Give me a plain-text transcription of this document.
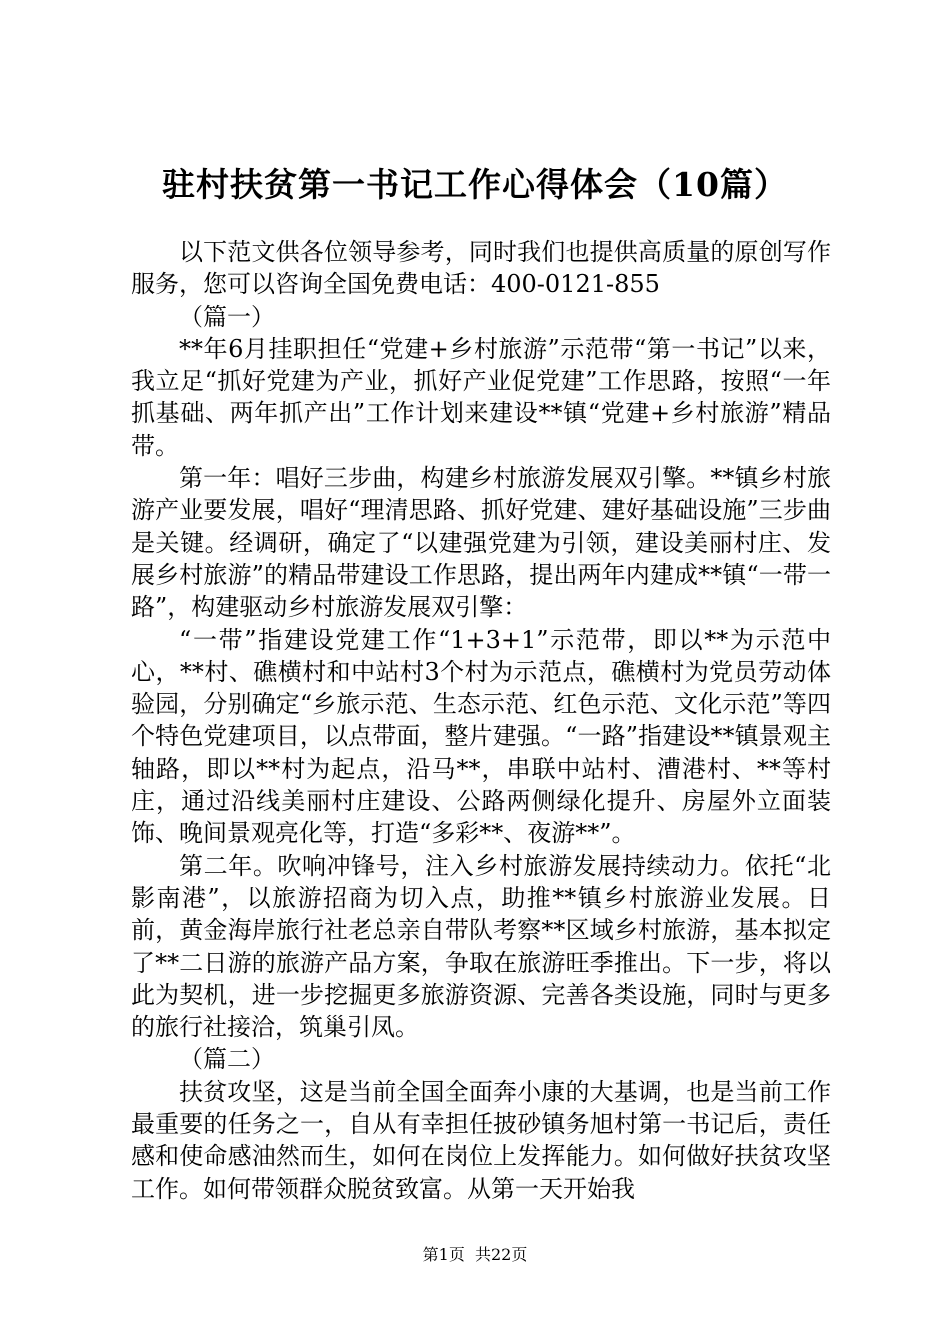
驻村扶贫第一书记工作心得体会（10篇）

以下范文供各位领导参考，同时我们也提供高质量的原创写作服务，您可以咨询全国免费电话：400-0121-855

（篇一）

**年6月挂职担任“党建+乡村旅游”示范带“第一书记”以来，我立足“抓好党建为产业，抓好产业促党建”工作思路，按照“一年抓基础、两年抓产出”工作计划来建设**镇“党建+乡村旅游”精品带。

第一年：唱好三步曲，构建乡村旅游发展双引擎。**镇乡村旅游产业要发展，唱好“理清思路、抓好党建、建好基础设施”三步曲是关键。经调研，确定了“以建强党建为引领，建设美丽村庄、发展乡村旅游”的精品带建设工作思路，提出两年内建成**镇“一带一路”，构建驱动乡村旅游发展双引擎：

“一带”指建设党建工作“1+3+1”示范带，即以**为示范中心，**村、礁横村和中站村3个村为示范点，礁横村为党员劳动体验园，分别确定“乡旅示范、生态示范、红色示范、文化示范”等四个特色党建项目，以点带面，整片建强。“一路”指建设**镇景观主轴路，即以**村为起点，沿马**，串联中站村、漕港村、**等村庄，通过沿线美丽村庄建设、公路两侧绿化提升、房屋外立面装饰、晚间景观亮化等，打造“多彩**、夜游**”。

第二年。吹响冲锋号，注入乡村旅游发展持续动力。依托“北影南港”，以旅游招商为切入点，助推**镇乡村旅游业发展。日前，黄金海岸旅行社老总亲自带队考察**区域乡村旅游，基本拟定了**二日游的旅游产品方案，争取在旅游旺季推出。下一步，将以此为契机，进一步挖掘更多旅游资源、完善各类设施，同时与更多的旅行社接洽，筑巢引凤。

（篇二）

扶贫攻坚，这是当前全国全面奔小康的大基调，也是当前工作最重要的任务之一，自从有幸担任披砂镇务旭村第一书记后，责任感和使命感油然而生，如何在岗位上发挥能力。如何做好扶贫攻坚工作。如何带领群众脱贫致富。从第一天开始我

第1页  共22页
